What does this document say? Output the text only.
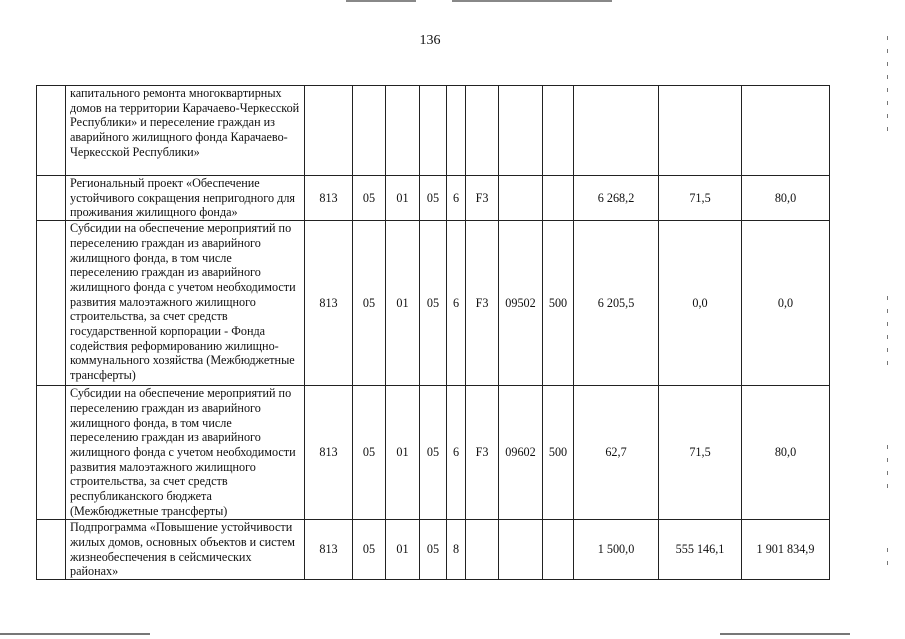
136
	капитального ремонта многоквартирных домов на территории Карачаево-Черкесской Республики» и переселение граждан из аварийного жилищного фонда Карачаево-Черкесской Республики»											
	Региональный проект «Обеспечение устойчивого сокращения непригодного для проживания жилищного фонда»	813	05	01	05	6	F3			6 268,2	71,5	80,0
	Субсидии на обеспечение мероприятий по переселению граждан из аварийного жилищного фонда, в том числе переселению граждан из аварийного жилищного фонда с учетом необходимости развития малоэтажного жилищного строительства, за счет средств государственной корпорации - Фонда содействия реформированию жилищно-коммунального хозяйства (Межбюджетные трансферты)	813	05	01	05	6	F3	09502	500	6 205,5	0,0	0,0
	Субсидии на обеспечение мероприятий по переселению граждан из аварийного жилищного фонда, в том числе переселению граждан из аварийного жилищного фонда с учетом необходимости развития малоэтажного жилищного строительства, за счет средств республиканского бюджета (Межбюджетные трансферты)	813	05	01	05	6	F3	09602	500	62,7	71,5	80,0
	Подпрограмма «Повышение устойчивости жилых домов, основных объектов и систем жизнеобеспечения в сейсмических районах»	813	05	01	05	8				1 500,0	555 146,1	1 901 834,9
